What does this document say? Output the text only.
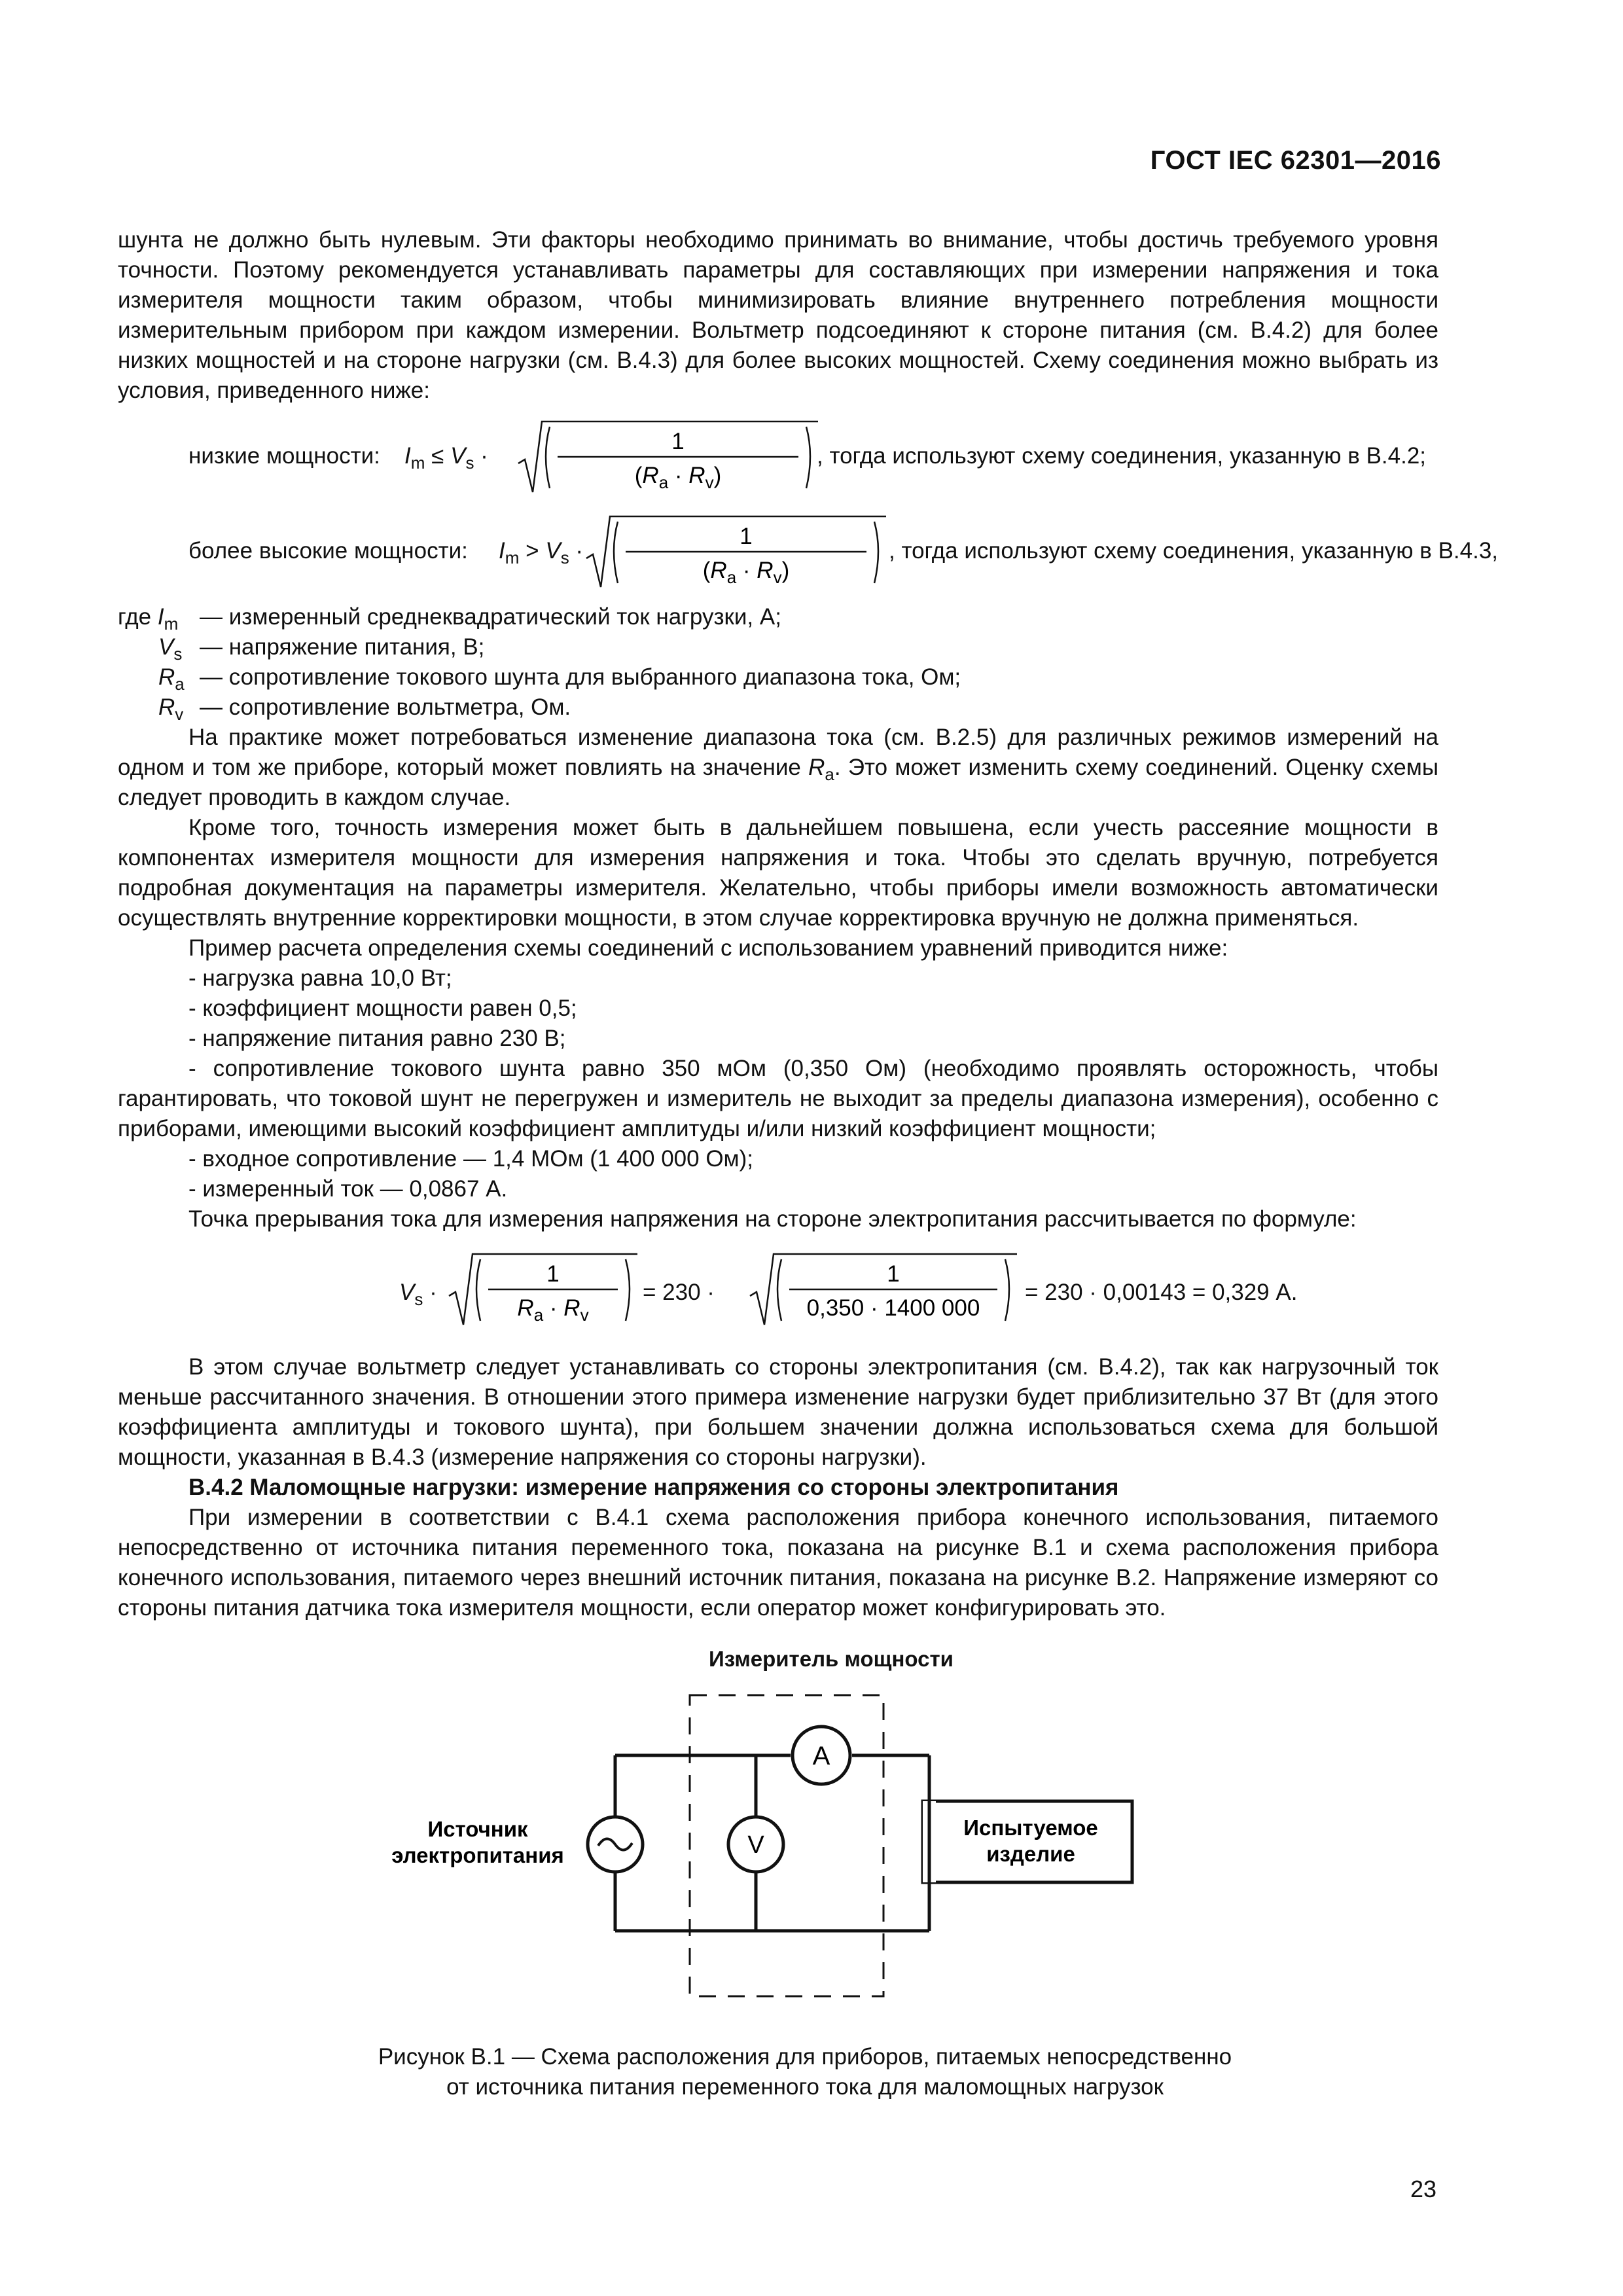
ГОСТ IEC 62301—2016

шунта не должно быть нулевым. Эти факторы необходимо принимать во внимание, чтобы достичь требуемого уровня точности. Поэтому рекомендуется устанавливать параметры для составляющих при измерении напряжения и тока измерителя мощности таким образом, чтобы минимизировать влияние внутреннего потребления мощности измерительным прибором при каждом измерении. Вольтметр подсоединяют к стороне питания (см. В.4.2) для более низких мощностей и на стороне нагрузки (см. В.4.3) для более высоких мощностей. Схему соединения можно выбрать из условия, приведенного ниже:

низкие мощности: $I_m \le V_s$ ·
1
$(R_a \cdot R_v)$
, тогда используют схему соединения, указанную в В.4.2;
более высокие мощности: $I_m > V_s$ ·
1
$(R_a \cdot R_v)$
, тогда используют схему соединения, указанную в В.4.3,
где $I_m$ — измеренный среднеквадратический ток нагрузки, А;
$V_s$ — напряжение питания, В;
$R_a$ — сопротивление токового шунта для выбранного диапазона тока, Ом;
$R_v$ — сопротивление вольтметра, Ом.

На практике может потребоваться изменение диапазона тока (см. В.2.5) для различных режимов измерений на одном и том же приборе, который может повлиять на значение $R_a$. Это может изменить схему соединений. Оценку схемы следует проводить в каждом случае.

Кроме того, точность измерения может быть в дальнейшем повышена, если учесть рассеяние мощности в компонентах измерителя мощности для измерения напряжения и тока. Чтобы это сделать вручную, потребуется подробная документация на параметры измерителя. Желательно, чтобы приборы имели возможность автоматически осуществлять внутренние корректировки мощности, в этом случае корректировка вручную не должна применяться.

Пример расчета определения схемы соединений с использованием уравнений приводится ниже:

- нагрузка равна 10,0 Вт;

- коэффициент мощности равен 0,5;

- напряжение питания равно 230 В;

- сопротивление токового шунта равно 350 мОм (0,350 Ом) (необходимо проявлять осторожность, чтобы гарантировать, что токовой шунт не перегружен и измеритель не выходит за пределы диапазона измерения), особенно с приборами, имеющими высокий коэффициент амплитуды и/или низкий коэффициент мощности;

- входное сопротивление — 1,4 МОм (1 400 000 Ом);

- измеренный ток — 0,0867 А.

Точка прерывания тока для измерения напряжения на стороне электропитания рассчитывается по формуле:

$V_s$ ·
1
$R_a \cdot R_v$
= 230 ·
1
0,350 · 1400 000
= 230 · 0,00143 = 0,329 А.

В этом случае вольтметр следует устанавливать со стороны электропитания (см. В.4.2), так как нагрузочный ток меньше рассчитанного значения. В отношении этого примера изменение нагрузки будет приблизительно 37 Вт (для этого коэффициента амплитуды и токового шунта), при большем значении должна использоваться схема для большой мощности, указанная в В.4.3 (измерение напряжения со стороны нагрузки).

В.4.2 Маломощные нагрузки: измерение напряжения со стороны электропитания

При измерении в соответствии с В.4.1 схема расположения прибора конечного использования, питаемого непосредственно от источника питания переменного тока, показана на рисунке В.1 и схема расположения прибора конечного использования, питаемого через внешний источник питания, показана на рисунке В.2. Напряжение измеряют со стороны питания датчика тока измерителя мощности, если оператор может конфигурировать это.

Измеритель мощности
V
A
Испытуемое
изделие
Источник
электропитания
Рисунок В.1 — Схема расположения для приборов, питаемых непосредственно
от источника питания переменного тока для маломощных нагрузок
23
